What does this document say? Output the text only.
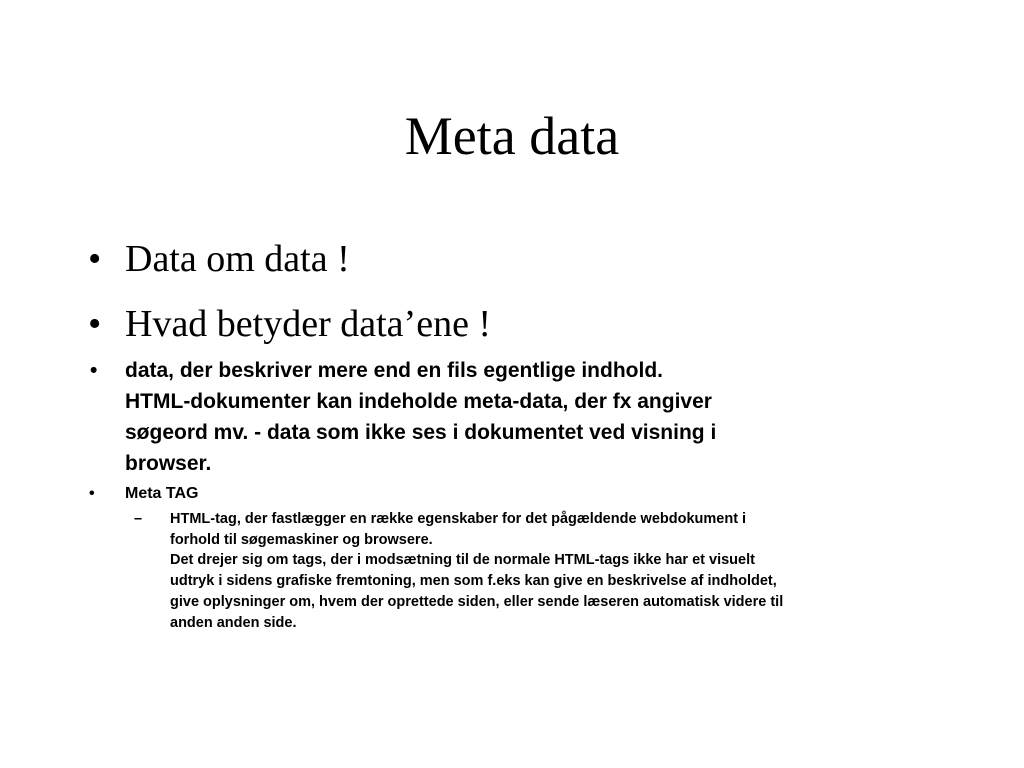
Meta data
• Data om data !
• Hvad betyder data’ene !
• data, der beskriver mere end en fils egentlige indhold.
HTML-dokumenter kan indeholde meta-data, der fx angiver
søgeord mv. - data som ikke ses i dokumentet ved visning i
browser.
• Meta TAG
– HTML-tag, der fastlægger en række egenskaber for det pågældende webdokument i
forhold til søgemaskiner og browsere.
Det drejer sig om tags, der i modsætning til de normale HTML-tags ikke har et visuelt
udtryk i sidens grafiske fremtoning, men som f.eks kan give en beskrivelse af indholdet,
give oplysninger om, hvem der oprettede siden, eller sende læseren automatisk videre til
anden anden side.
